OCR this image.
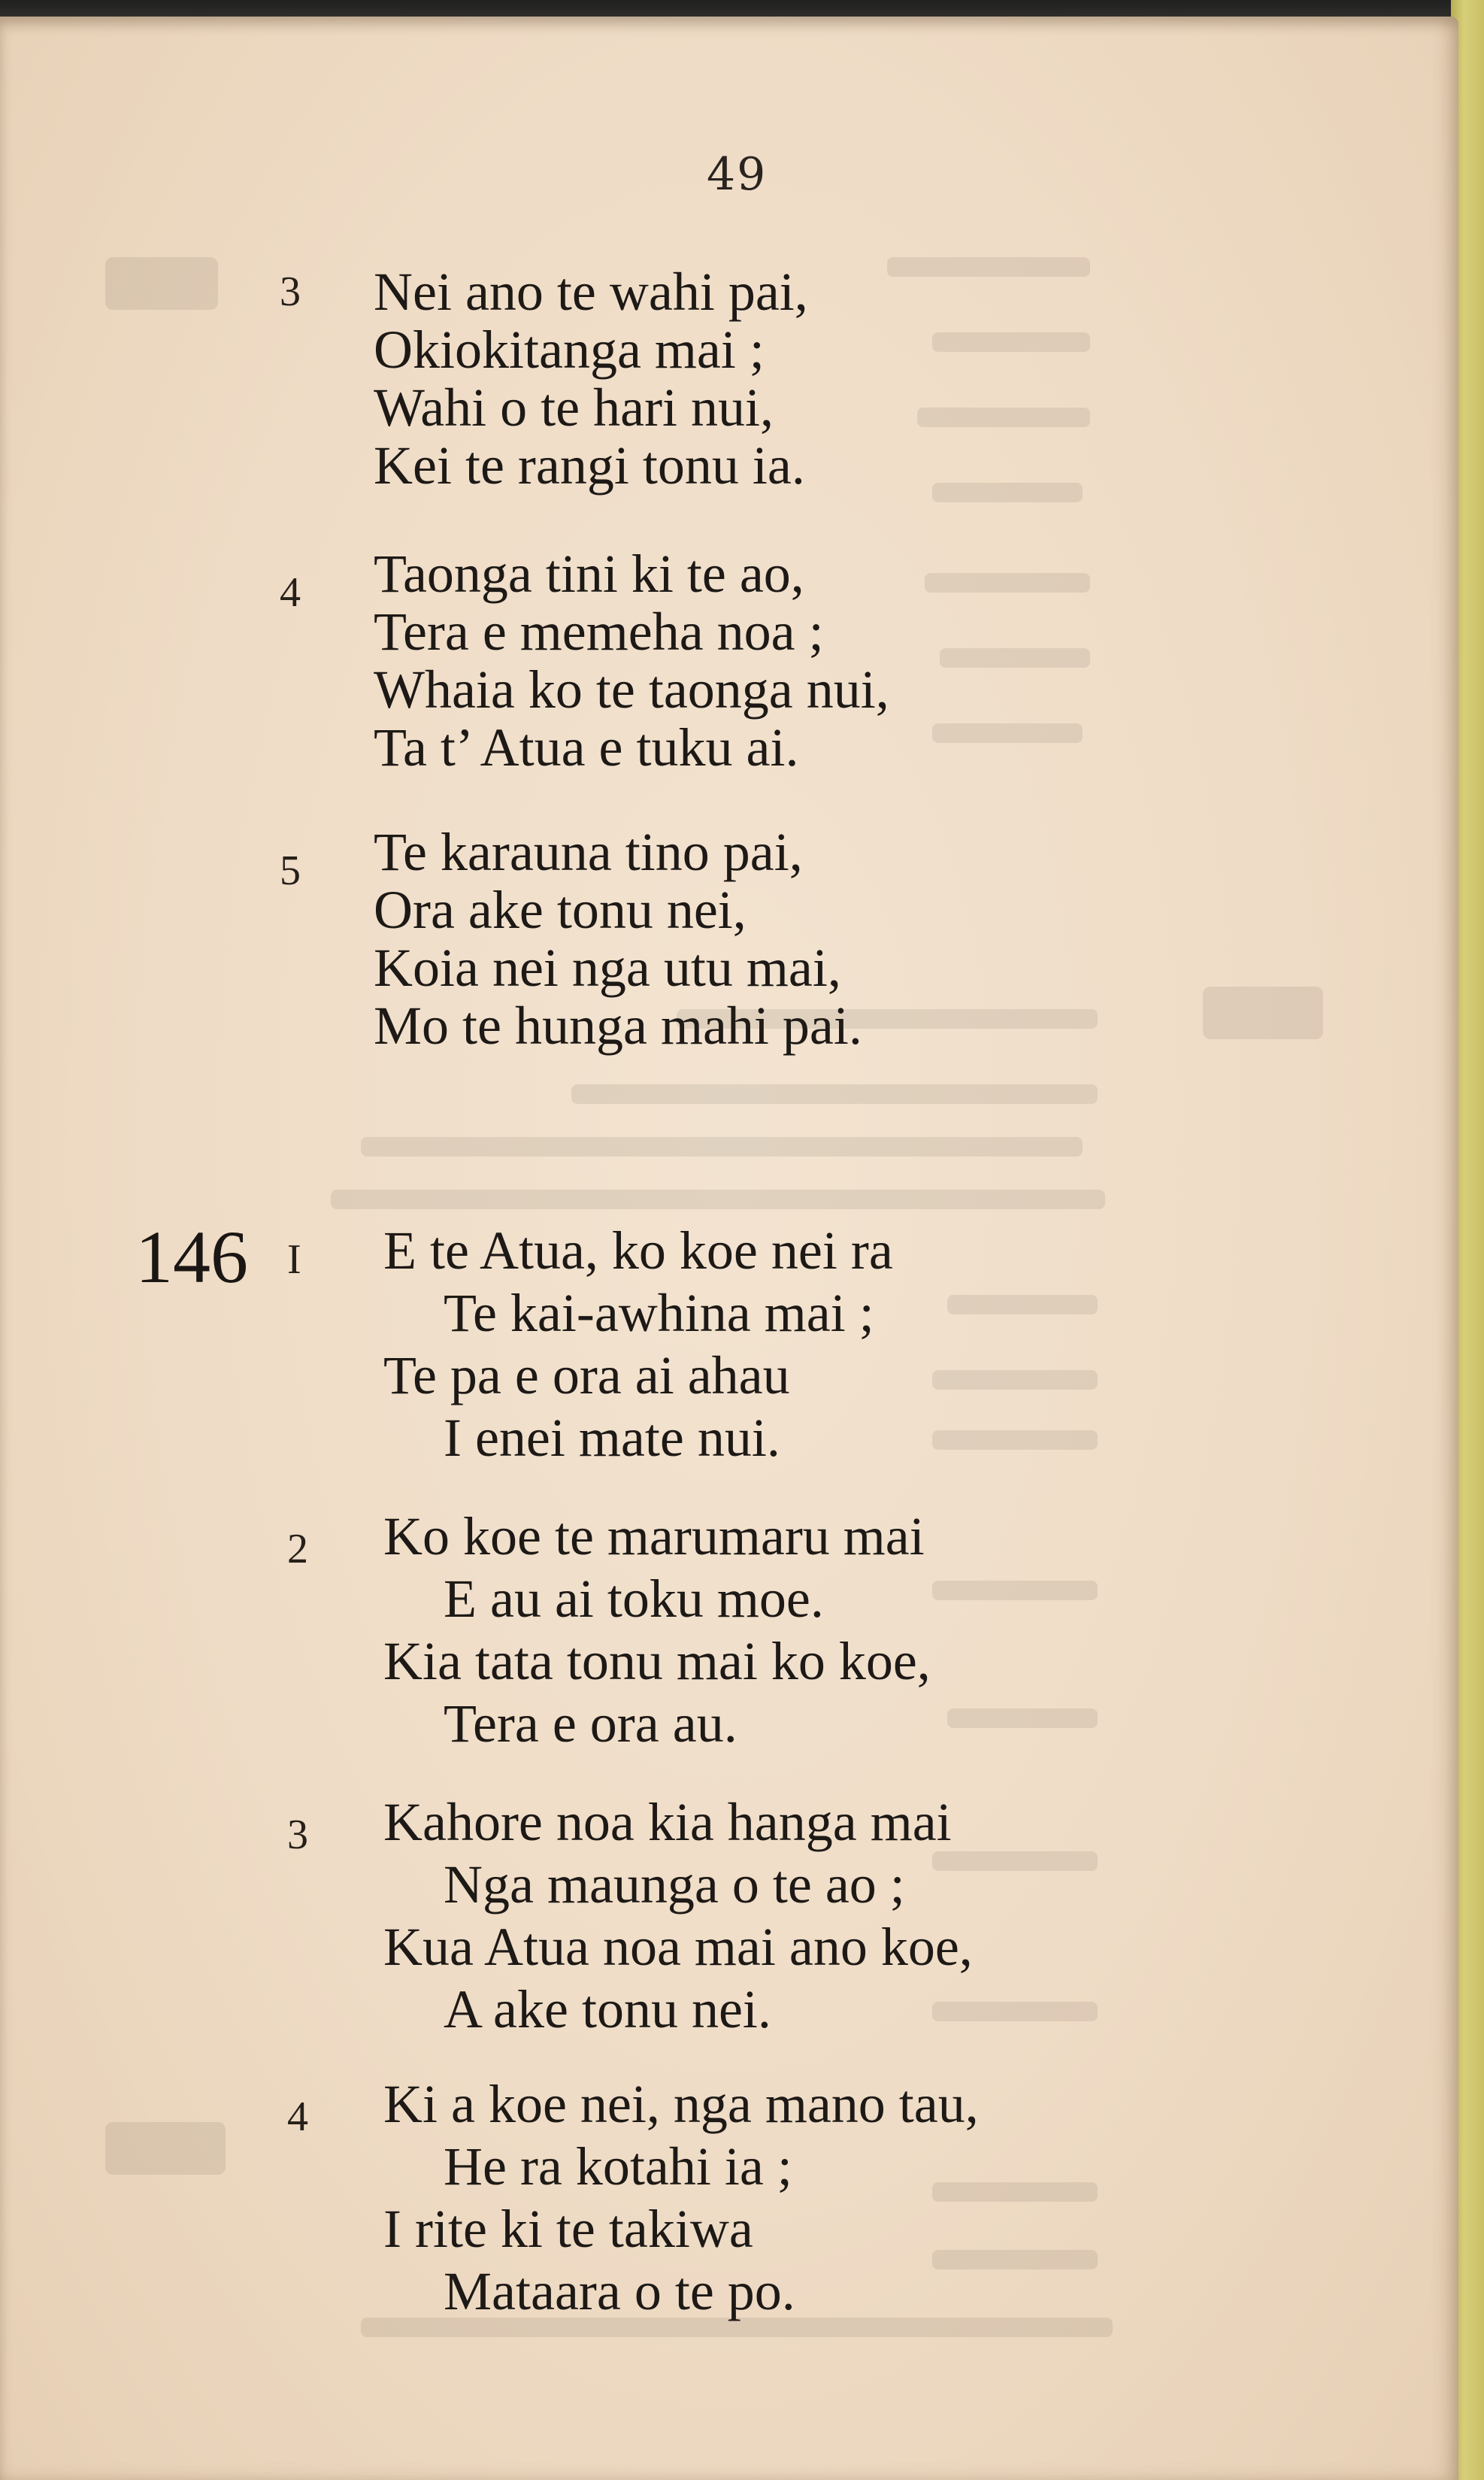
49
3 Nei ano te wahi pai,
Okiokitanga mai ;
Wahi o te hari nui,
Kei te rangi tonu ia.
4 Taonga tini ki te ao,
Tera e memeha noa ;
Whaia ko te taonga nui,
Ta t’ Atua e tuku ai.
5 Te karauna tino pai,
Ora ake tonu nei,
Koia nei nga utu mai,
Mo te hunga mahi pai.
146 I E te Atua, ko koe nei ra
Te kai-awhina mai ;
Te pa e ora ai ahau
I enei mate nui.
2 Ko koe te marumaru mai
E au ai toku moe.
Kia tata tonu mai ko koe,
Tera e ora au.
3 Kahore noa kia hanga mai
Nga maunga o te ao ;
Kua Atua noa mai ano koe,
A ake tonu nei.
4 Ki a koe nei, nga mano tau,
He ra kotahi ia ;
I rite ki te takiwa
Mataara o te po.
